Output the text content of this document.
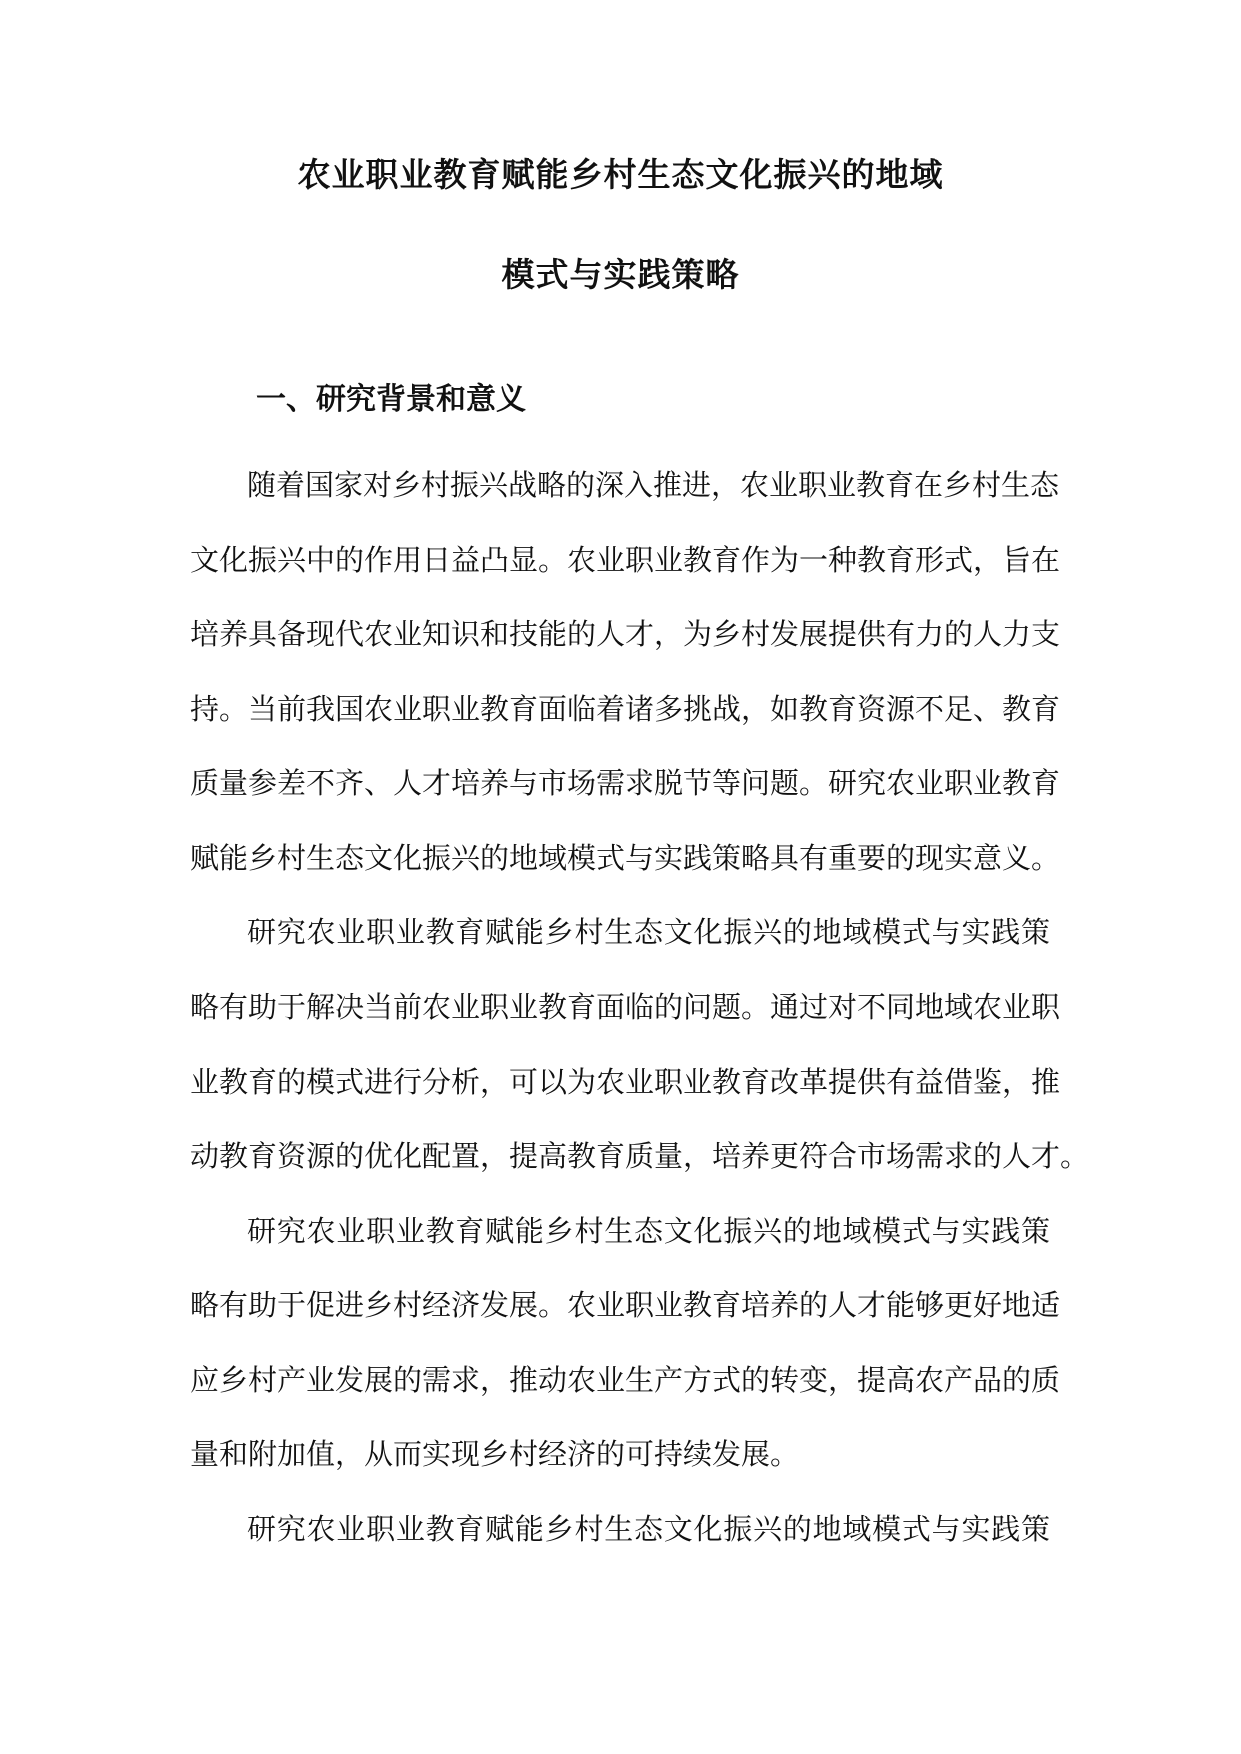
农业职业教育赋能乡村生态文化振兴的地域
模式与实践策略
一、研究背景和意义
随着国家对乡村振兴战略的深入推进，农业职业教育在乡村生态
文化振兴中的作用日益凸显。农业职业教育作为一种教育形式，旨在
培养具备现代农业知识和技能的人才，为乡村发展提供有力的人力支
持。当前我国农业职业教育面临着诸多挑战，如教育资源不足、教育
质量参差不齐、人才培养与市场需求脱节等问题。研究农业职业教育
赋能乡村生态文化振兴的地域模式与实践策略具有重要的现实意义。
研究农业职业教育赋能乡村生态文化振兴的地域模式与实践策
略有助于解决当前农业职业教育面临的问题。通过对不同地域农业职
业教育的模式进行分析，可以为农业职业教育改革提供有益借鉴，推
动教育资源的优化配置，提高教育质量，培养更符合市场需求的人才。
研究农业职业教育赋能乡村生态文化振兴的地域模式与实践策
略有助于促进乡村经济发展。农业职业教育培养的人才能够更好地适
应乡村产业发展的需求，推动农业生产方式的转变，提高农产品的质
量和附加值，从而实现乡村经济的可持续发展。
研究农业职业教育赋能乡村生态文化振兴的地域模式与实践策
